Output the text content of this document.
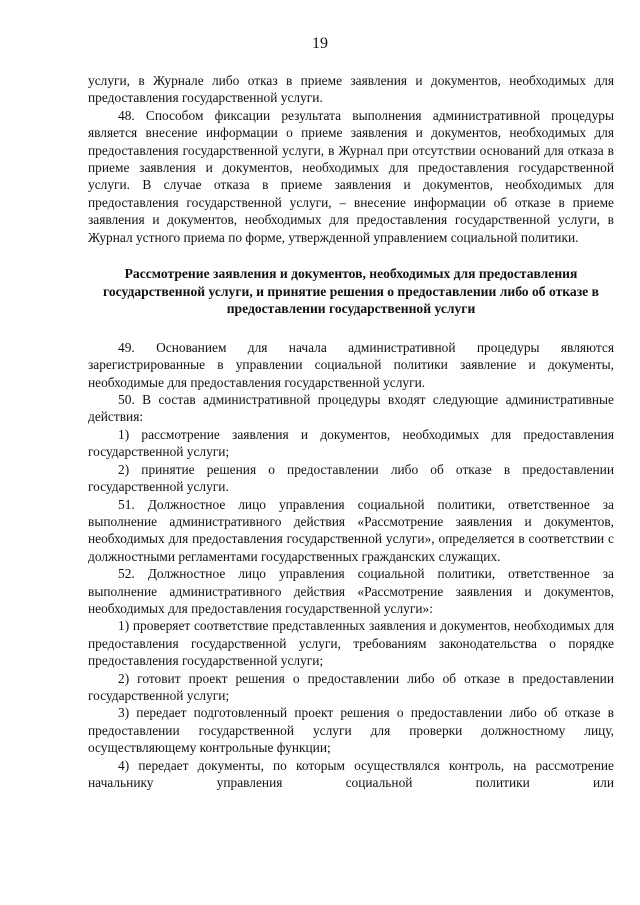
19

услуги, в Журнале либо отказ в приеме заявления и документов, необходимых для предоставления государственной услуги.

48. Способом фиксации результата выполнения административной процедуры является внесение информации о приеме заявления и документов, необходимых для предоставления государственной услуги, в Журнал при отсутствии оснований для отказа в приеме заявления и документов, необходимых для предоставления государственной услуги. В случае отказа в приеме заявления и документов, необходимых для предоставления государственной услуги, – внесение информации об отказе в приеме заявления и документов, необходимых для предоставления государственной услуги, в Журнал устного приема по форме, утвержденной управлением социальной политики.

Рассмотрение заявления и документов, необходимых для предоставления государственной услуги, и принятие решения о предоставлении либо об отказе в предоставлении государственной услуги

49. Основанием для начала административной процедуры являются зарегистрированные в управлении социальной политики заявление и документы, необходимые для предоставления государственной услуги.

50. В состав административной процедуры входят следующие административные действия:

1) рассмотрение заявления и документов, необходимых для предоставления государственной услуги;

2) принятие решения о предоставлении либо об отказе в предоставлении государственной услуги.

51. Должностное лицо управления социальной политики, ответственное за выполнение административного действия «Рассмотрение заявления и документов, необходимых для предоставления государственной услуги», определяется в соответствии с должностными регламентами государственных гражданских служащих.

52. Должностное лицо управления социальной политики, ответственное за выполнение административного действия «Рассмотрение заявления и документов, необходимых для предоставления государственной услуги»:

1) проверяет соответствие представленных заявления и документов, необходимых для предоставления государственной услуги, требованиям законодательства о порядке предоставления государственной услуги;

2) готовит проект решения о предоставлении либо об отказе в предоставлении государственной услуги;

3) передает подготовленный проект решения о предоставлении либо об отказе в предоставлении государственной услуги для проверки должностному лицу, осуществляющему контрольные функции;

4) передает документы, по которым осуществлялся контроль, на рассмотрение начальнику управления социальной политики или
